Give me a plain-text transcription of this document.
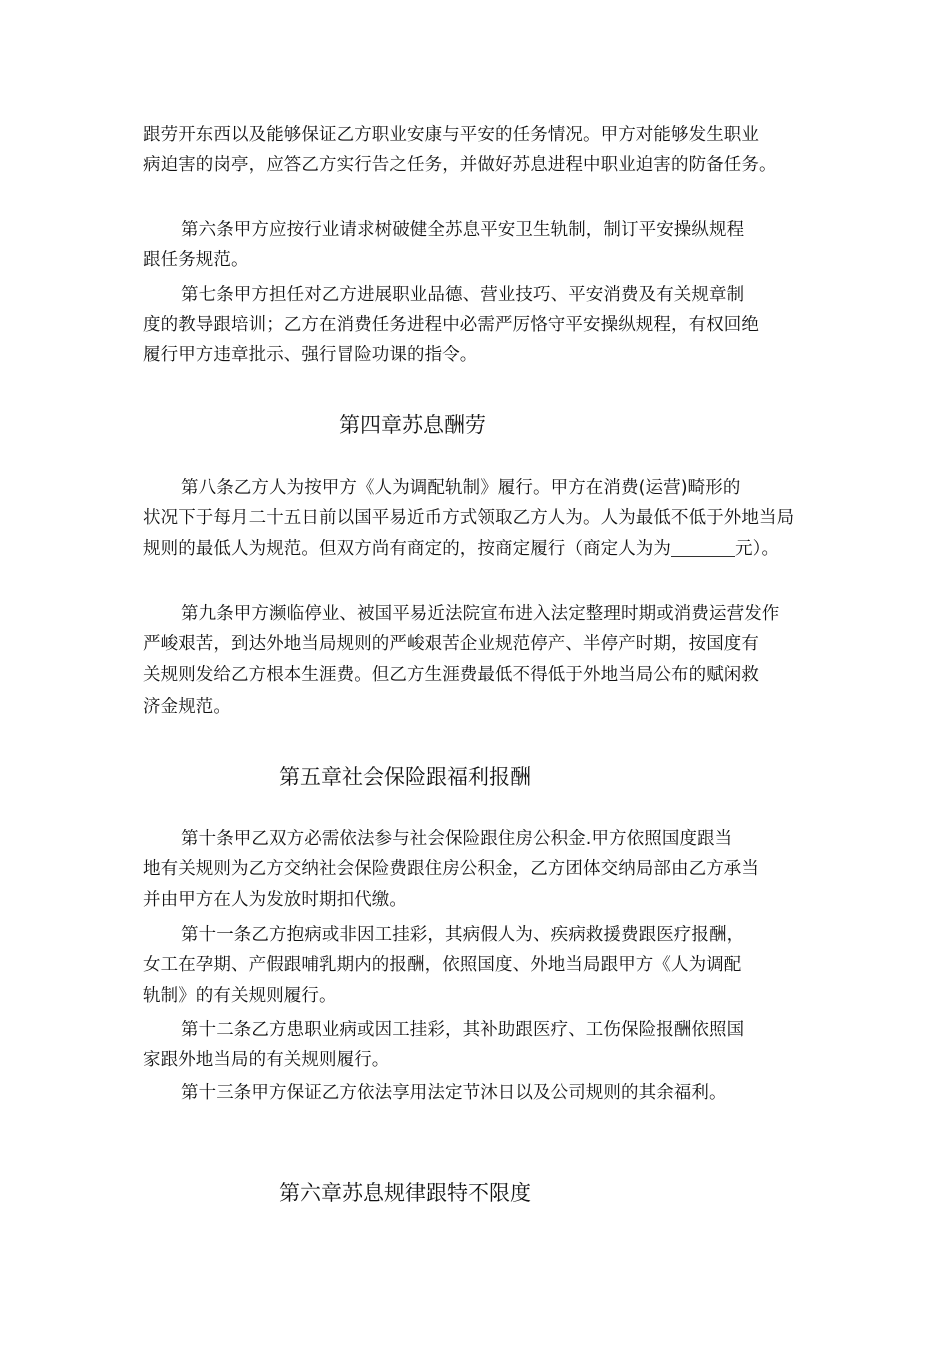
跟劳开东西以及能够保证乙方职业安康与平安的任务情况。甲方对能够发生职业
病迫害的岗亭，应答乙方实行告之任务，并做好苏息进程中职业迫害的防备任务。
第六条甲方应按行业请求树破健全苏息平安卫生轨制，制订平安操纵规程
跟任务规范。
第七条甲方担任对乙方进展职业品德、营业技巧、平安消费及有关规章制
度的教导跟培训；乙方在消费任务进程中必需严厉恪守平安操纵规程，有权回绝
履行甲方违章批示、强行冒险功课的指令。
第四章苏息酬劳
第八条乙方人为按甲方《人为调配轨制》履行。甲方在消费(运营)畸形的
状况下于每月二十五日前以国平易近币方式领取乙方人为。人为最低不低于外地当局
规则的最低人为规范。但双方尚有商定的，按商定履行（商定人为为	元）。
第九条甲方濒临停业、被国平易近法院宣布进入法定整理时期或消费运营发作
严峻艰苦，到达外地当局规则的严峻艰苦企业规范停产、半停产时期，按国度有
关规则发给乙方根本生涯费。但乙方生涯费最低不得低于外地当局公布的赋闲救
济金规范。
第五章社会保险跟福利报酬
第十条甲乙双方必需依法参与社会保险跟住房公积金.甲方依照国度跟当
地有关规则为乙方交纳社会保险费跟住房公积金，乙方团体交纳局部由乙方承当
并由甲方在人为发放时期扣代缴。
第十一条乙方抱病或非因工挂彩，其病假人为、疾病救援费跟医疗报酬，
女工在孕期、产假跟哺乳期内的报酬，依照国度、外地当局跟甲方《人为调配
轨制》的有关规则履行。
第十二条乙方患职业病或因工挂彩，其补助跟医疗、工伤保险报酬依照国
家跟外地当局的有关规则履行。
第十三条甲方保证乙方依法享用法定节沐日以及公司规则的其余福利。
第六章苏息规律跟特不限度
